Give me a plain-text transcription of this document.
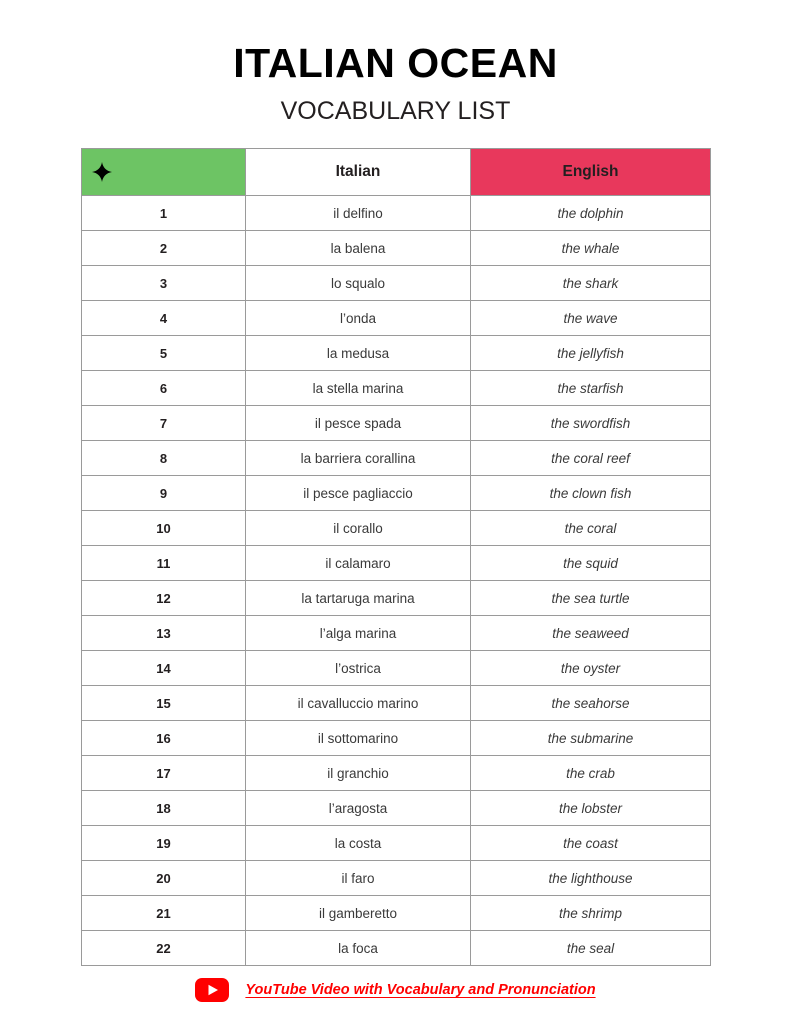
ITALIAN OCEAN
VOCABULARY LIST
	Italian	English
1	il delfino	the dolphin
2	la balena	the whale
3	lo squalo	the shark
4	l’onda	the wave
5	la medusa	the jellyfish
6	la stella marina	the starfish
7	il pesce spada	the swordfish
8	la barriera corallina	the coral reef
9	il pesce pagliaccio	the clown fish
10	il corallo	the coral
11	il calamaro	the squid
12	la tartaruga marina	the sea turtle
13	l’alga marina	the seaweed
14	l’ostrica	the oyster
15	il cavalluccio marino	the seahorse
16	il sottomarino	the submarine
17	il granchio	the crab
18	l’aragosta	the lobster
19	la costa	the coast
20	il faro	the lighthouse
21	il gamberetto	the shrimp
22	la foca	the seal
YouTube Video with Vocabulary and Pronunciation
